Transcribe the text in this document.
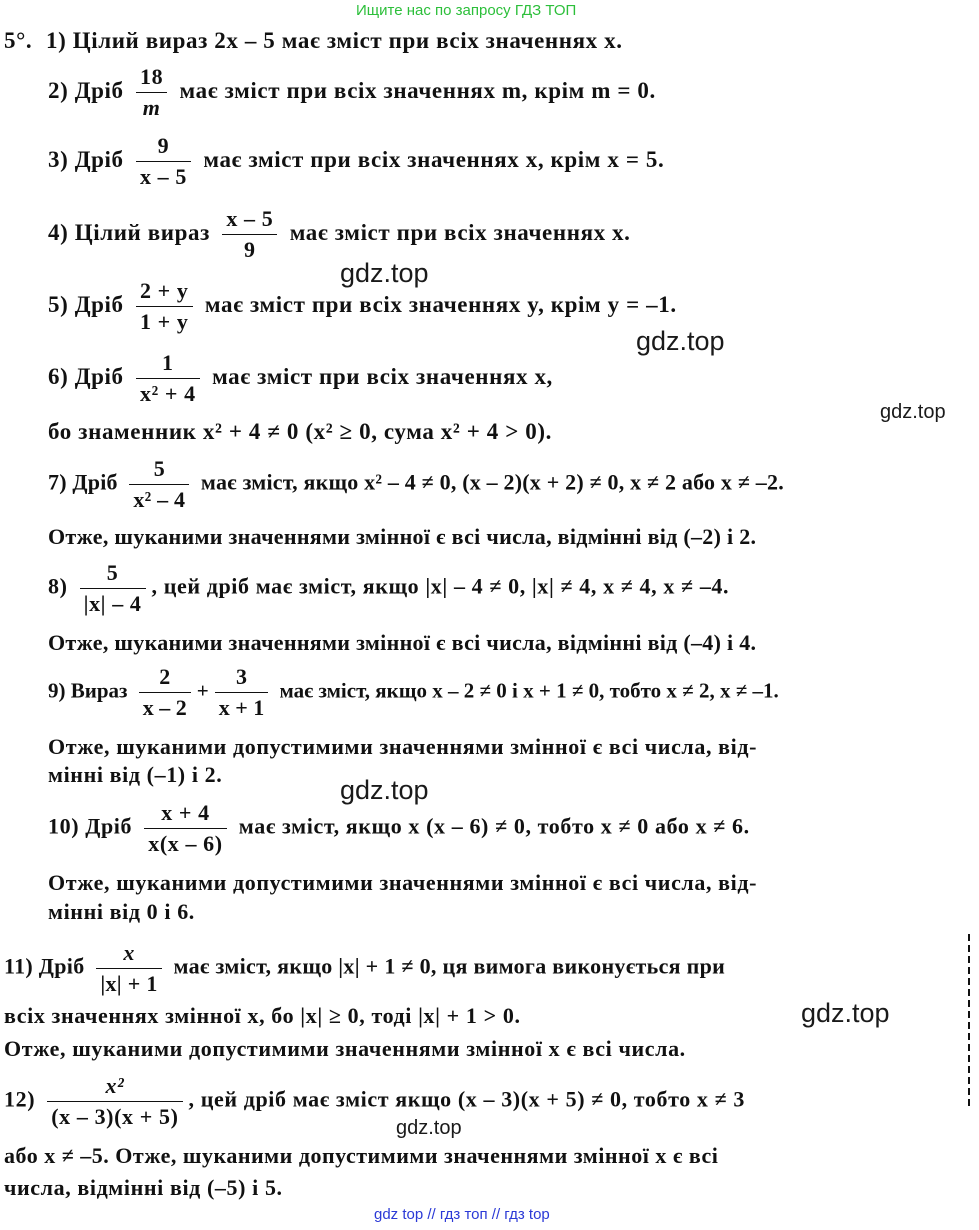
Ищите нас по запросу ГДЗ ТОП
5°. 1) Цілий вираз 2x – 5 має зміст при всіх значеннях x.
2) Дріб $\frac{18}{m}$ має зміст при всіх значеннях m, крім m = 0.
3) Дріб $\frac{9}{x - 5}$ має зміст при всіх значеннях x, крім x = 5.
4) Цілий вираз $\frac{x - 5}{9}$ має зміст при всіх значеннях x.
5) Дріб $\frac{2 + y}{1 + y}$ має зміст при всіх значеннях y, крім y = –1.
6) Дріб $\frac{1}{\text{x² + 4}}$ має зміст при всіх значеннях x,
бо знаменник x² + 4 ≠ 0 (x² ≥ 0, сума x² + 4 > 0).
7) Дріб $\frac{5}{\text{x² – 4}}$ має зміст, якщо x² – 4 ≠ 0, (x – 2)(x + 2) ≠ 0, x ≠ 2 або x ≠ –2.
Отже, шуканими значеннями змінної є всі числа, відмінні від (–2) і 2.
$8) \frac{5}{|x| - 4}$ , цей дріб має зміст, якщо |x| – 4 ≠ 0, |x| ≠ 4, x ≠ 4, x ≠ –4.
Отже, шуканими значеннями змінної є всі числа, відмінні від (–4) і 4.
9) Вираз $\frac{2}{x - 2} + \frac{3}{x + 1}$ має зміст, якщо x – 2 ≠ 0 і x + 1 ≠ 0, тобто x ≠ 2, x ≠ –1.
Отже, шуканими допустимими значеннями змінної є всі числа, від-
мінні від (–1) і 2.
10) Дріб $\frac{x + 4}{x(x - 6)}$ має зміст, якщо x (x – 6) ≠ 0, тобто x ≠ 0 або x ≠ 6.
Отже, шуканими допустимими значеннями змінної є всі числа, від-
мінні від 0 і 6.
11) Дріб $\frac{x}{|x| + 1}$ має зміст, якщо |x| + 1 ≠ 0, ця вимога виконується при
всіх значеннях змінної x, бо |x| ≥ 0, тоді |x| + 1 > 0.
Отже, шуканими допустимими значеннями змінної x є всі числа.
$12) \frac{\text{x²}}{(x - 3)(x + 5)}$ , цей дріб має зміст якщо (x – 3)(x + 5) ≠ 0, тобто x ≠ 3
або x ≠ –5. Отже, шуканими допустимими значеннями змінної x є всі
числа, відмінні від (–5) і 5.
gdz.top
gdz.top
gdz.top
gdz.top
gdz.top
gdz.top
gdz top // гдз топ // гдз top
